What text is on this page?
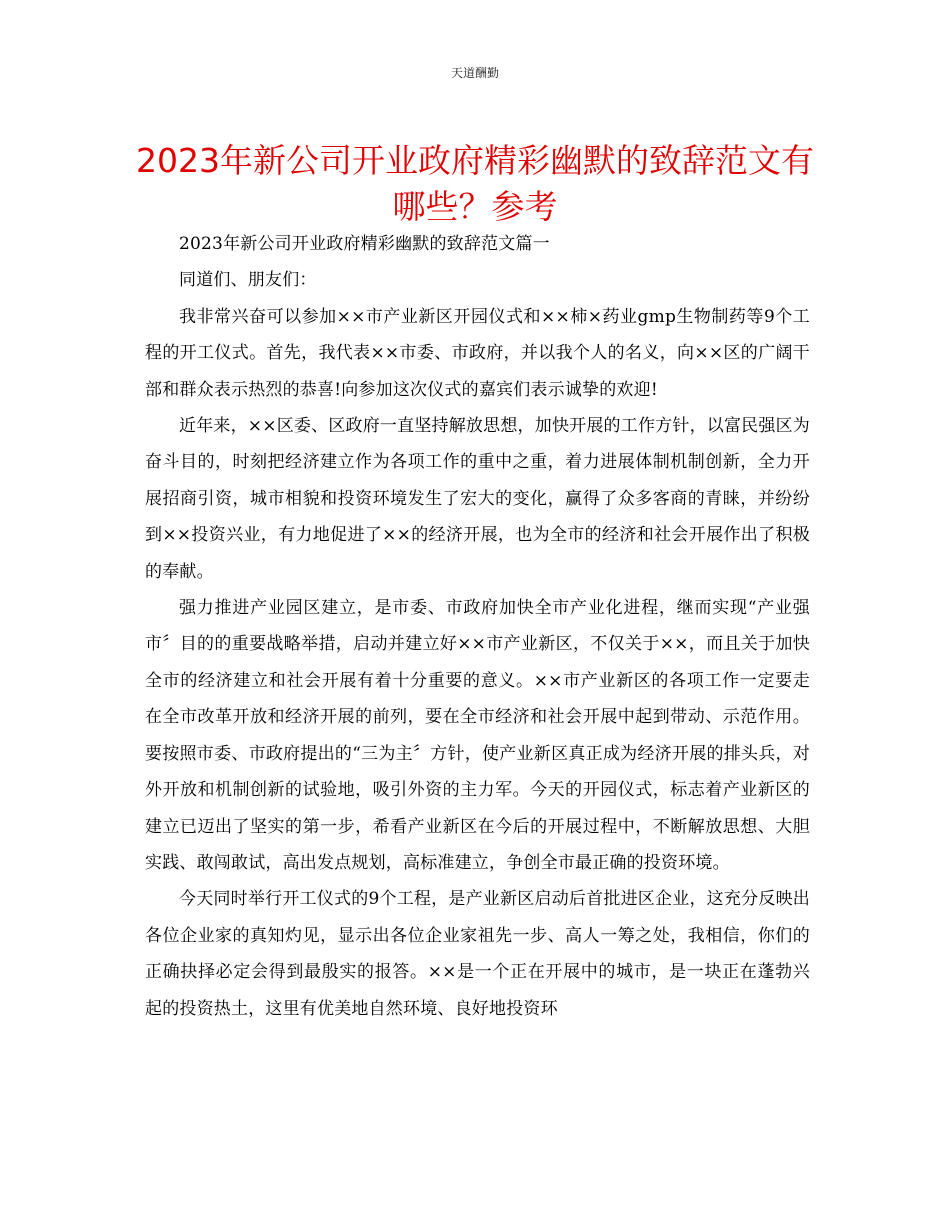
天道酬勤
2023年新公司开业政府精彩幽默的致辞范文有哪些？参考

2023年新公司开业政府精彩幽默的致辞范文篇一

同道们、朋友们：

我非常兴奋可以参加××市产业新区开园仪式和××柿×药业gmp生物制药等9个工程的开工仪式。首先，我代表××市委、市政府，并以我个人的名义，向××区的广阔干部和群众表示热烈的恭喜!向参加这次仪式的嘉宾们表示诚挚的欢迎!

近年来，××区委、区政府一直坚持解放思想，加快开展的工作方针，以富民强区为奋斗目的，时刻把经济建立作为各项工作的重中之重，着力进展体制机制创新，全力开展招商引资，城市相貌和投资环境发生了宏大的变化，赢得了众多客商的青睐，并纷纷到××投资兴业，有力地促进了××的经济开展，也为全市的经济和社会开展作出了积极的奉献。

强力推进产业园区建立，是市委、市政府加快全市产业化进程，继而实现“产业强市〞目的的重要战略举措，启动并建立好××市产业新区，不仅关于××，而且关于加快全市的经济建立和社会开展有着十分重要的意义。××市产业新区的各项工作一定要走在全市改革开放和经济开展的前列，要在全市经济和社会开展中起到带动、示范作用。要按照市委、市政府提出的“三为主〞方针，使产业新区真正成为经济开展的排头兵，对外开放和机制创新的试验地，吸引外资的主力军。今天的开园仪式，标志着产业新区的建立已迈出了坚实的第一步，希看产业新区在今后的开展过程中，不断解放思想、大胆实践、敢闯敢试，高出发点规划，高标准建立，争创全市最正确的投资环境。

今天同时举行开工仪式的9个工程，是产业新区启动后首批进区企业，这充分反映出各位企业家的真知灼见，显示出各位企业家祖先一步、高人一筹之处，我相信，你们的正确抉择必定会得到最殷实的报答。××是一个正在开展中的城市，是一块正在蓬勃兴起的投资热土，这里有优美地自然环境、良好地投资环
